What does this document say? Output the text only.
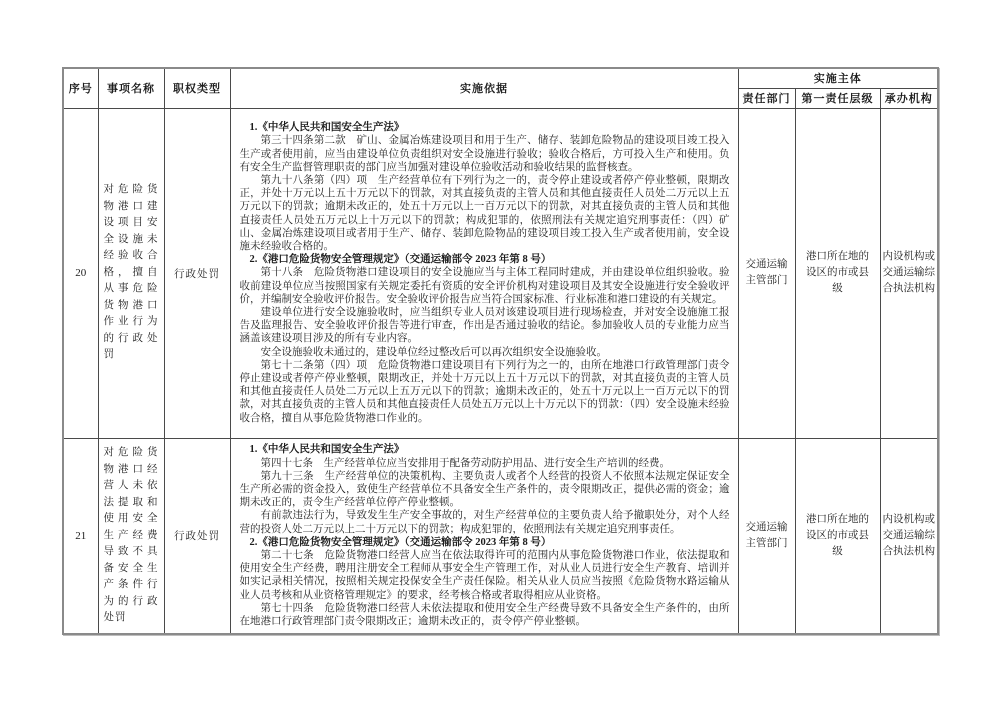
序号	事项名称	职权类型	实施依据	实施主体		
				责任部门	第一责任层级	承办机构
20	对危险货物港口建设项目安全设施未经验收合格，擅自从事危险货物港口作业行为的行政处罚	行政处罚	

1.《中华人民共和国安全生产法》

第三十四条第二款　矿山、金属冶炼建设项目和用于生产、储存、装卸危险物品的建设项目竣工投入生产或者使用前，应当由建设单位负责组织对安全设施进行验收；验收合格后，方可投入生产和使用。负有安全生产监督管理职责的部门应当加强对建设单位验收活动和验收结果的监督核查。

第九十八条第（四）项　生产经营单位有下列行为之一的，责令停止建设或者停产停业整顿，限期改正，并处十万元以上五十万元以下的罚款，对其直接负责的主管人员和其他直接责任人员处二万元以上五万元以下的罚款；逾期未改正的，处五十万元以上一百万元以下的罚款，对其直接负责的主管人员和其他直接责任人员处五万元以上十万元以下的罚款；构成犯罪的，依照刑法有关规定追究刑事责任：（四）矿山、金属冶炼建设项目或者用于生产、储存、装卸危险物品的建设项目竣工投入生产或者使用前，安全设施未经验收合格的。

2.《港口危险货物安全管理规定》（交通运输部令 2023 年第 8 号）

第十八条　危险货物港口建设项目的安全设施应当与主体工程同时建成，并由建设单位组织验收。验收前建设单位应当按照国家有关规定委托有资质的安全评价机构对建设项目及其安全设施进行安全验收评价，并编制安全验收评价报告。安全验收评价报告应当符合国家标准、行业标准和港口建设的有关规定。

建设单位进行安全设施验收时，应当组织专业人员对该建设项目进行现场检查，并对安全设施施工报告及监理报告、安全验收评价报告等进行审查，作出是否通过验收的结论。参加验收人员的专业能力应当涵盖该建设项目涉及的所有专业内容。

安全设施验收未通过的，建设单位经过整改后可以再次组织安全设施验收。

第七十二条第（四）项　危险货物港口建设项目有下列行为之一的，由所在地港口行政管理部门责令停止建设或者停产停业整顿，限期改正，并处十万元以上五十万元以下的罚款，对其直接负责的主管人员和其他直接责任人员处二万元以上五万元以下的罚款；逾期未改正的，处五十万元以上一百万元以下的罚款，对其直接负责的主管人员和其他直接责任人员处五万元以上十万元以下的罚款：（四）安全设施未经验收合格，擅自从事危险货物港口作业的。

	交通运输主管部门	港口所在地的设区的市或县级	内设机构或交通运输综合执法机构
21	对危险货物港口经营人未依法提取和使用安全生产经费导致不具备安全生产条件行为的行政处罚	行政处罚	

1.《中华人民共和国安全生产法》

第四十七条　生产经营单位应当安排用于配备劳动防护用品、进行安全生产培训的经费。

第九十三条　生产经营单位的决策机构、主要负责人或者个人经营的投资人不依照本法规定保证安全生产所必需的资金投入，致使生产经营单位不具备安全生产条件的，责令限期改正，提供必需的资金；逾期未改正的，责令生产经营单位停产停业整顿。

有前款违法行为，导致发生生产安全事故的，对生产经营单位的主要负责人给予撤职处分，对个人经营的投资人处二万元以上二十万元以下的罚款；构成犯罪的，依照刑法有关规定追究刑事责任。

2.《港口危险货物安全管理规定》（交通运输部令 2023 年第 8 号）

第二十七条　危险货物港口经营人应当在依法取得许可的范围内从事危险货物港口作业，依法提取和使用安全生产经费，聘用注册安全工程师从事安全生产管理工作，对从业人员进行安全生产教育、培训并如实记录相关情况，按照相关规定投保安全生产责任保险。相关从业人员应当按照《危险货物水路运输从业人员考核和从业资格管理规定》的要求，经考核合格或者取得相应从业资格。

第七十四条　危险货物港口经营人未依法提取和使用安全生产经费导致不具备安全生产条件的，由所在地港口行政管理部门责令限期改正；逾期未改正的，责令停产停业整顿。

	交通运输主管部门	港口所在地的设区的市或县级	内设机构或交通运输综合执法机构
